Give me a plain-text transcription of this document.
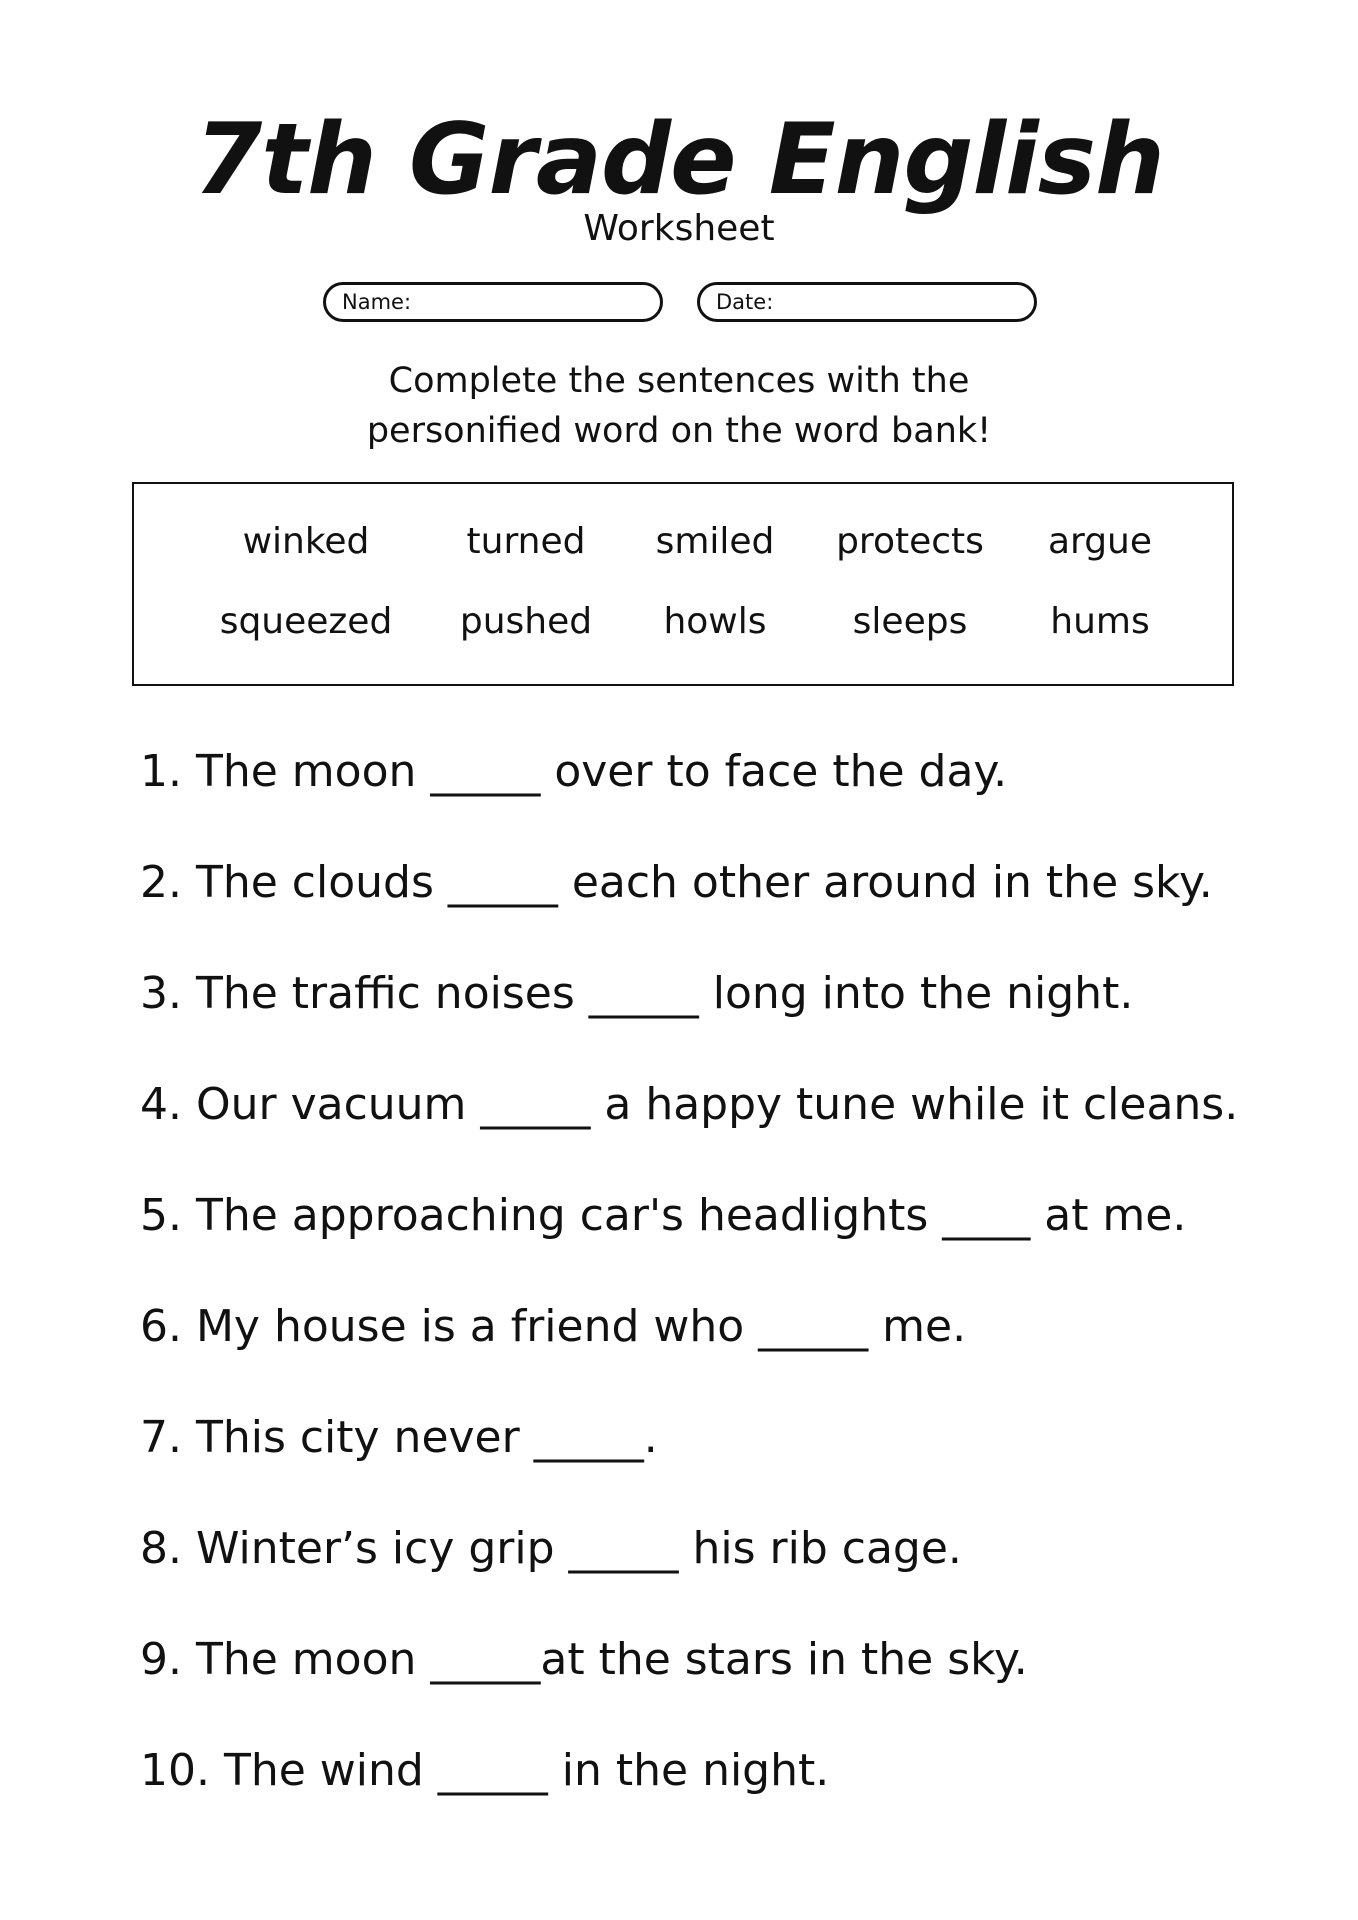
7th Grade English
Worksheet
Name:	Date:
Complete the sentences with the
personified word on the word bank!
winked	turned	smiled	protects	argue
squeezed	pushed	howls	sleeps	hums
1. The moon _____ over to face the day.
2. The clouds _____ each other around in the sky.
3. The traffic noises _____ long into the night.
4. Our vacuum _____ a happy tune while it cleans.
5. The approaching car's headlights ____ at me.
6. My house is a friend who _____ me.
7. This city never _____.
8. Winter’s icy grip _____ his rib cage.
9. The moon _____at the stars in the sky.
10. The wind _____ in the night.
